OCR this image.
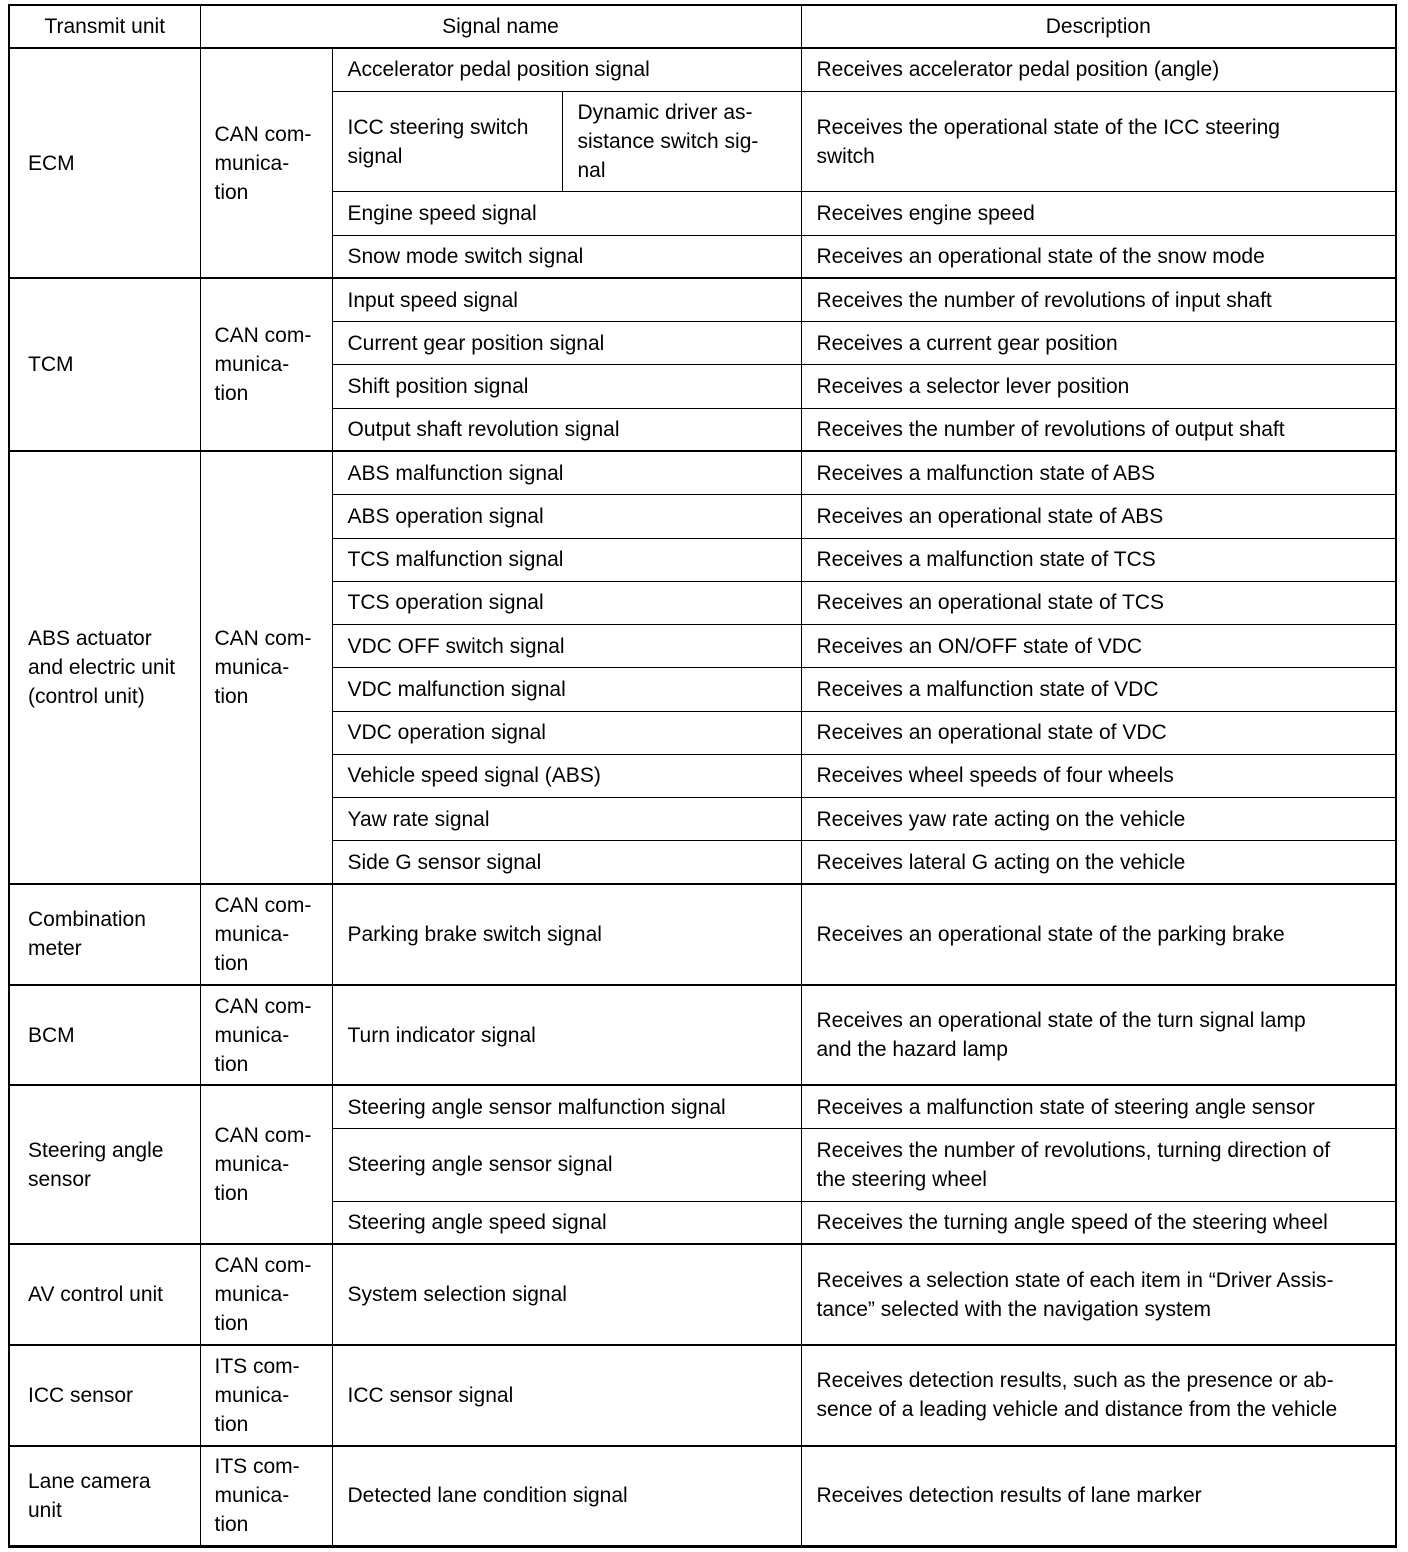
Transmit unit	Signal name			Description

ECM	CAN com-
munica-
tion	Accelerator pedal position signal		Receives accelerator pedal position (angle)

		ICC steering switch
signal	Dynamic driver as-
sistance switch sig-
nal	Receives the operational state of the ICC steering
switch

		Engine speed signal		Receives engine speed
		Snow mode switch signal		Receives an operational state of the snow mode

TCM	CAN com-
munica-
tion	Input speed signal		Receives the number of revolutions of input shaft
		Current gear position signal		Receives a current gear position
		Shift position signal		Receives a selector lever position
		Output shaft revolution signal		Receives the number of revolutions of output shaft

ABS actuator
and electric unit
(control unit)	CAN com-
munica-
tion	ABS malfunction signal		Receives a malfunction state of ABS
		ABS operation signal		Receives an operational state of ABS
		TCS malfunction signal		Receives a malfunction state of TCS
		TCS operation signal		Receives an operational state of TCS
		VDC OFF switch signal		Receives an ON/OFF state of VDC
		VDC malfunction signal		Receives a malfunction state of VDC
		VDC operation signal		Receives an operational state of VDC
		Vehicle speed signal (ABS)		Receives wheel speeds of four wheels
		Yaw rate signal		Receives yaw rate acting on the vehicle
		Side G sensor signal		Receives lateral G acting on the vehicle

Combination
meter	CAN com-
munica-
tion	Parking brake switch signal		Receives an operational state of the parking brake

BCM	CAN com-
munica-
tion	Turn indicator signal		Receives an operational state of the turn signal lamp
and the hazard lamp

Steering angle
sensor	CAN com-
munica-
tion	Steering angle sensor malfunction signal		Receives a malfunction state of steering angle sensor
		Steering angle sensor signal		Receives the number of revolutions, turning direction of
the steering wheel

		Steering angle speed signal		Receives the turning angle speed of the steering wheel

AV control unit	CAN com-
munica-
tion	System selection signal		Receives a selection state of each item in “Driver Assis-
tance” selected with the navigation system

ICC sensor	ITS com-
munica-
tion	ICC sensor signal		Receives detection results, such as the presence or ab-
sence of a leading vehicle and distance from the vehicle

Lane camera
unit	ITS com-
munica-
tion	Detected lane condition signal		Receives detection results of lane marker
